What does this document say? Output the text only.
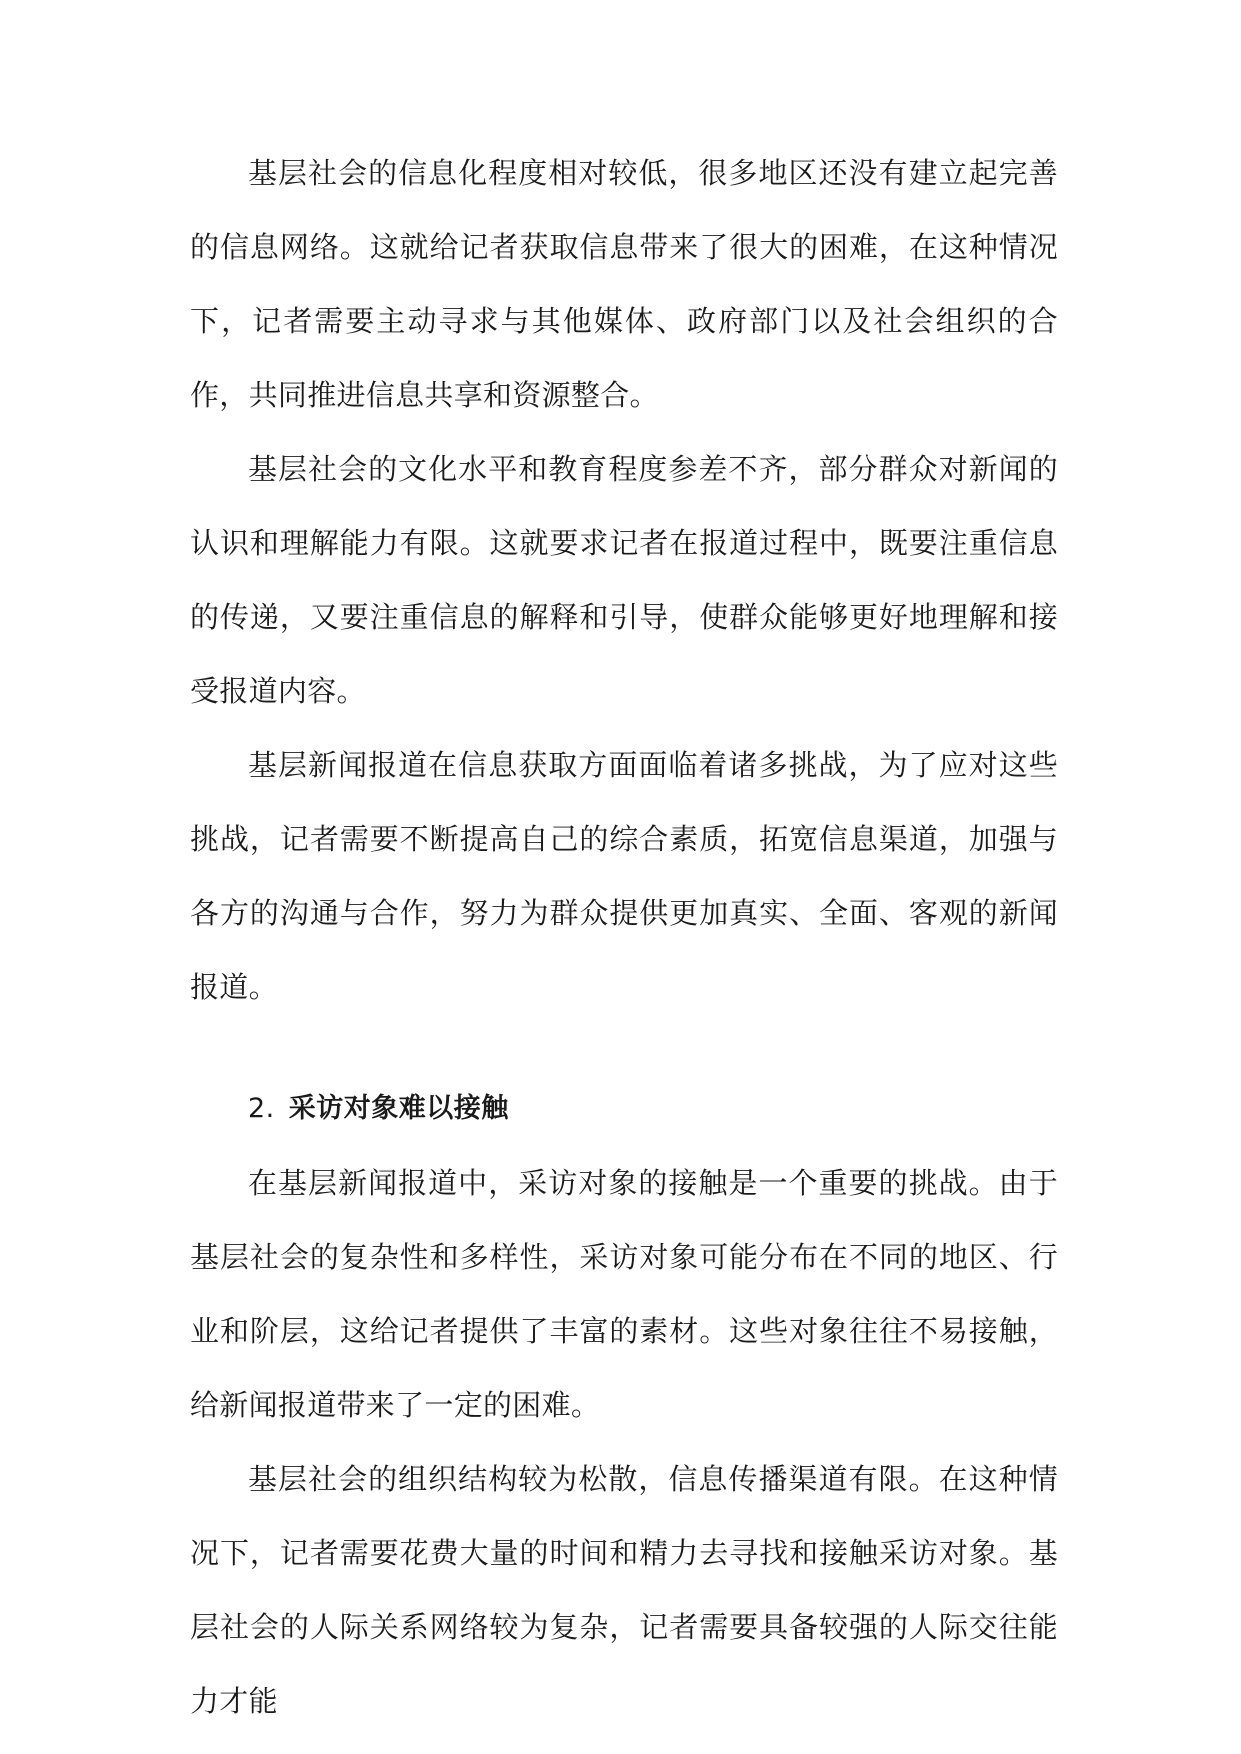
基层社会的信息化程度相对较低，很多地区还没有建立起完善的信息网络。这就给记者获取信息带来了很大的困难，在这种情况下，记者需要主动寻求与其他媒体、政府部门以及社会组织的合作，共同推进信息共享和资源整合。

基层社会的文化水平和教育程度参差不齐，部分群众对新闻的认识和理解能力有限。这就要求记者在报道过程中，既要注重信息的传递，又要注重信息的解释和引导，使群众能够更好地理解和接受报道内容。

基层新闻报道在信息获取方面面临着诸多挑战，为了应对这些挑战，记者需要不断提高自己的综合素质，拓宽信息渠道，加强与各方的沟通与合作，努力为群众提供更加真实、全面、客观的新闻报道。

2. 采访对象难以接触

在基层新闻报道中，采访对象的接触是一个重要的挑战。由于基层社会的复杂性和多样性，采访对象可能分布在不同的地区、行业和阶层，这给记者提供了丰富的素材。这些对象往往不易接触，给新闻报道带来了一定的困难。

基层社会的组织结构较为松散，信息传播渠道有限。在这种情况下，记者需要花费大量的时间和精力去寻找和接触采访对象。基层社会的人际关系网络较为复杂，记者需要具备较强的人际交往能力才能
